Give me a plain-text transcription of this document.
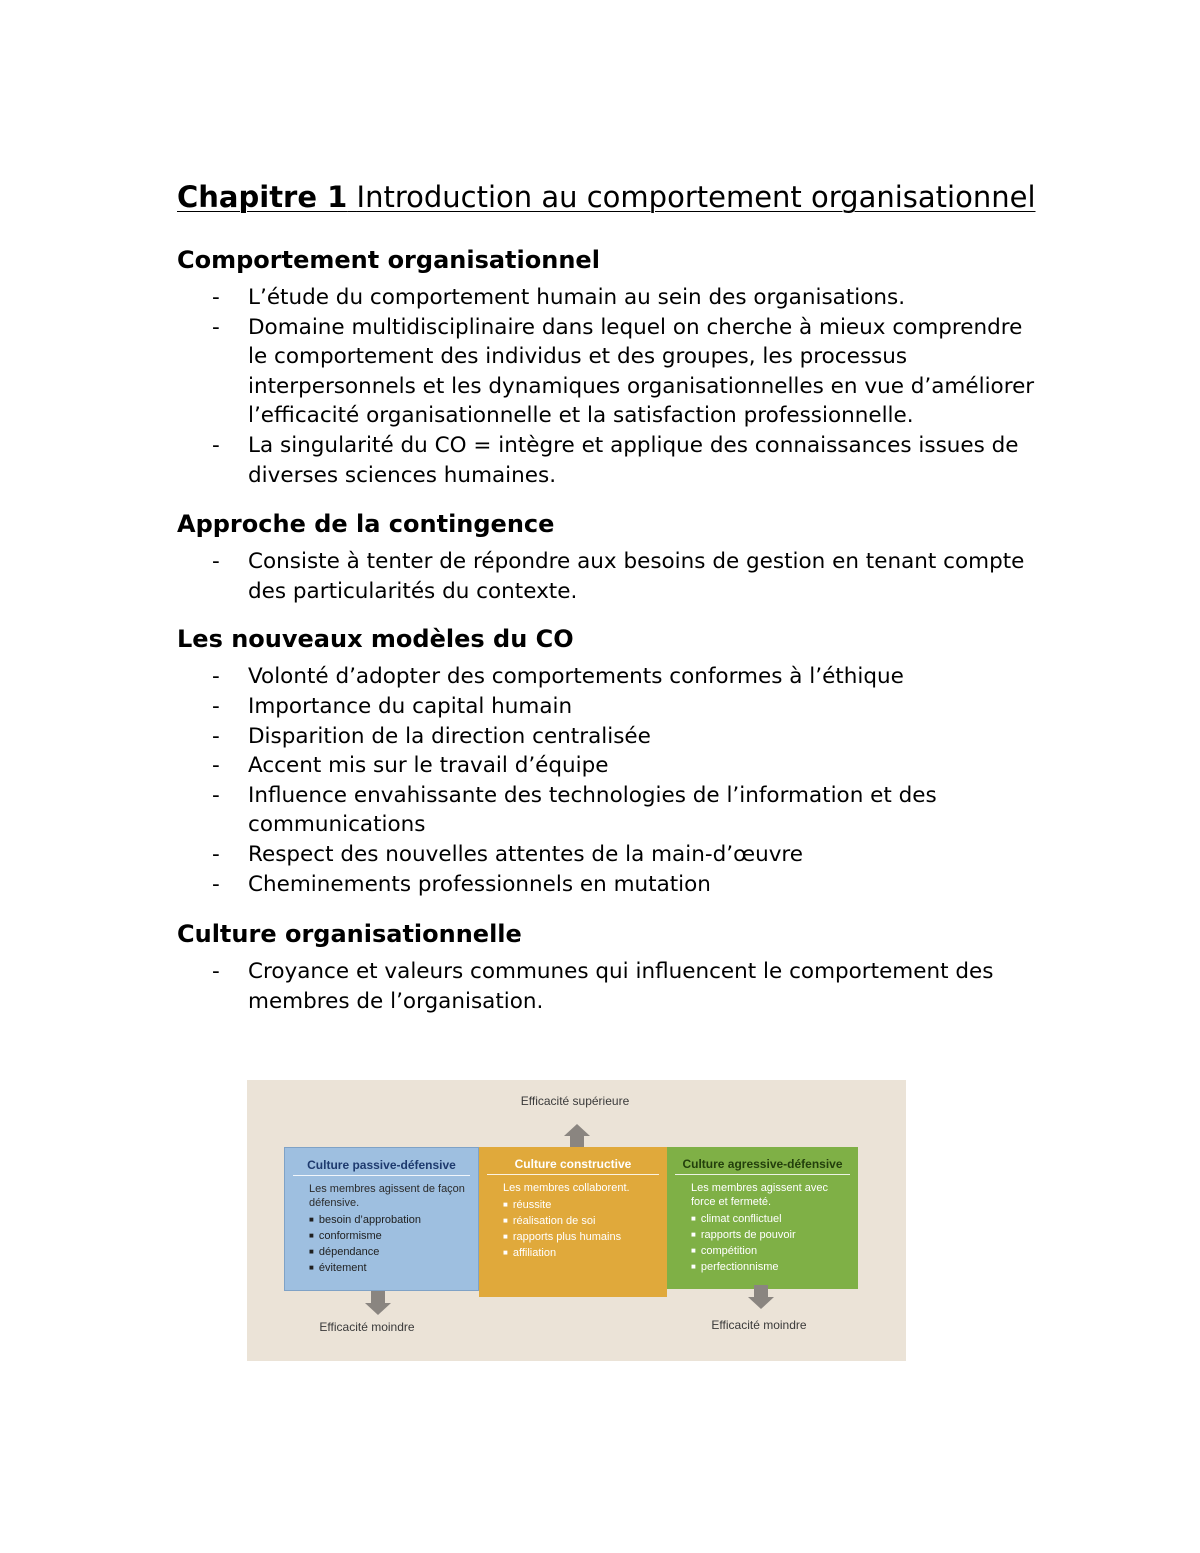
Chapitre 1 Introduction au comportement organisationnel
Comportement organisationnel
- L’étude du comportement humain au sein des organisations.
- Domaine multidisciplinaire dans lequel on cherche à mieux comprendre le comportement des individus et des groupes, les processus interpersonnels et les dynamiques organisationnelles en vue d’améliorer l’efficacité organisationnelle et la satisfaction professionnelle.
- La singularité du CO = intègre et applique des connaissances issues de diverses sciences humaines.
Approche de la contingence
- Consiste à tenter de répondre aux besoins de gestion en tenant compte des particularités du contexte.
Les nouveaux modèles du CO
- Volonté d’adopter des comportements conformes à l’éthique
- Importance du capital humain
- Disparition de la direction centralisée
- Accent mis sur le travail d’équipe
- Influence envahissante des technologies de l’information et des communications
- Respect des nouvelles attentes de la main-d’œuvre
- Cheminements professionnels en mutation
Culture organisationnelle
- Croyance et valeurs communes qui influencent le comportement des membres de l’organisation.
Efficacité supérieure
Culture passive-défensive
Les membres agissent de façon défensive.
■ besoin d’approbation
■ conformisme
■ dépendance
■ évitement
Culture constructive
Les membres collaborent.
■ réussite
■ réalisation de soi
■ rapports plus humains
■ affiliation
Culture agressive-défensive
Les membres agissent avec force et fermeté.
■ climat conflictuel
■ rapports de pouvoir
■ compétition
■ perfectionnisme
Efficacité moindre	Efficacité moindre
